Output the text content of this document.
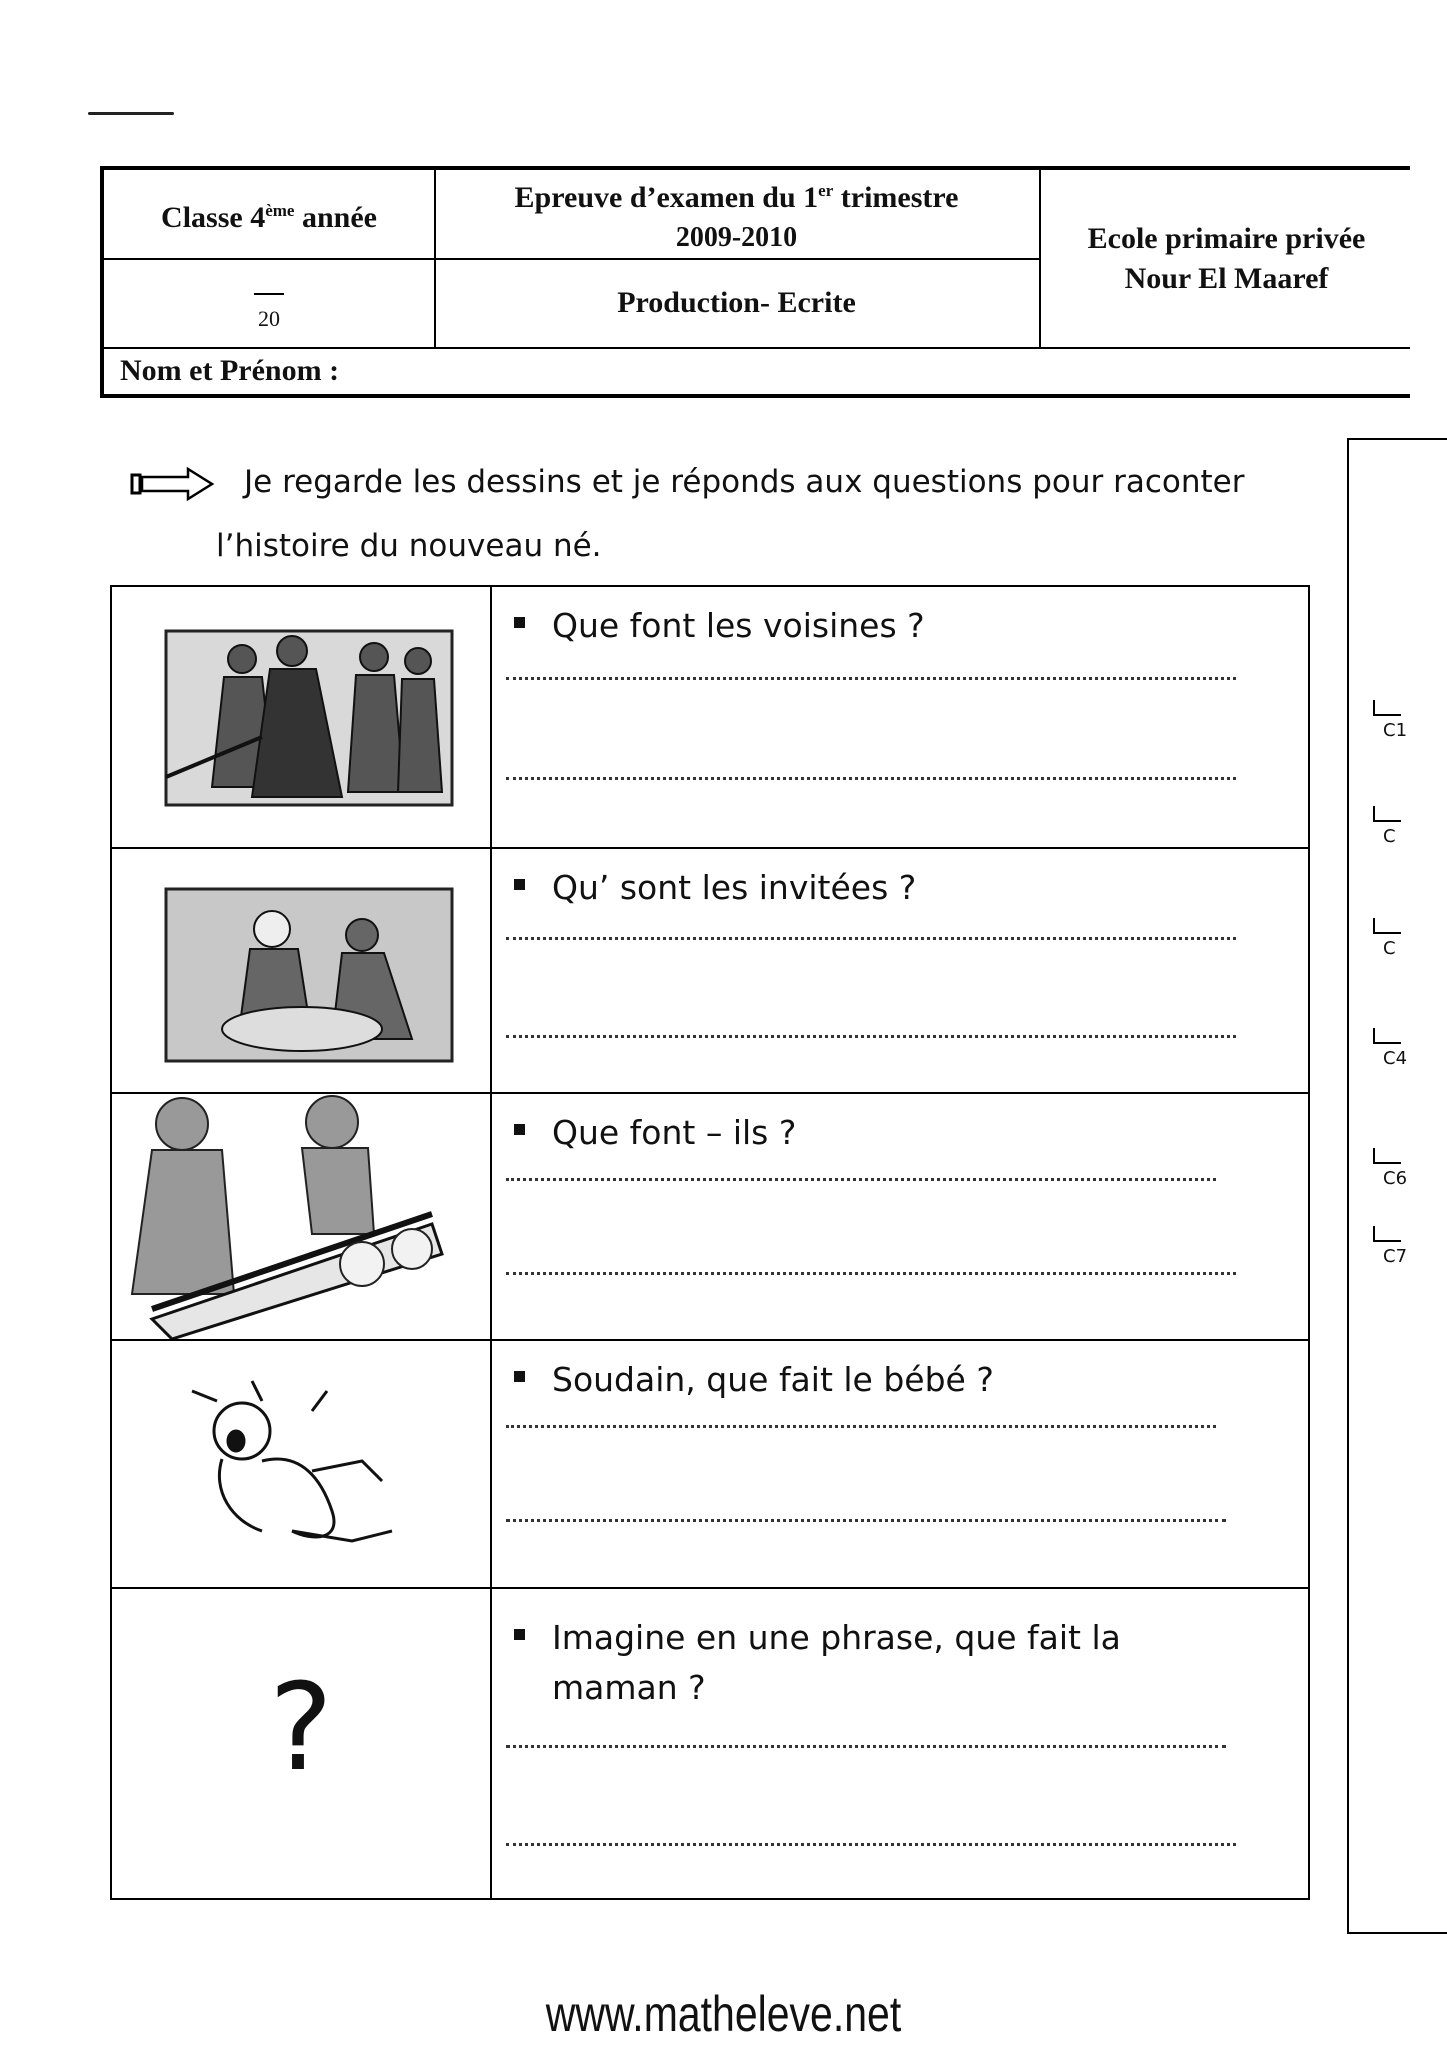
Classe 4ème année
Epreuve d’examen du 1er trimestre
2009-2010	Ecole primaire privée
Nour El Maaref
20	Production- Ecrite
Nom et Prénom :
Je regarde les dessins et je réponds aux questions pour raconter
l’histoire du nouveau né.
C1
C
C
C4
C6
C7
Que font les voisines ?
Qu’ sont les invitées ?
Que font – ils ?
Soudain, que fait le bébé ?
?
Imagine en une phrase, que fait la maman ?
www.matheleve.net
